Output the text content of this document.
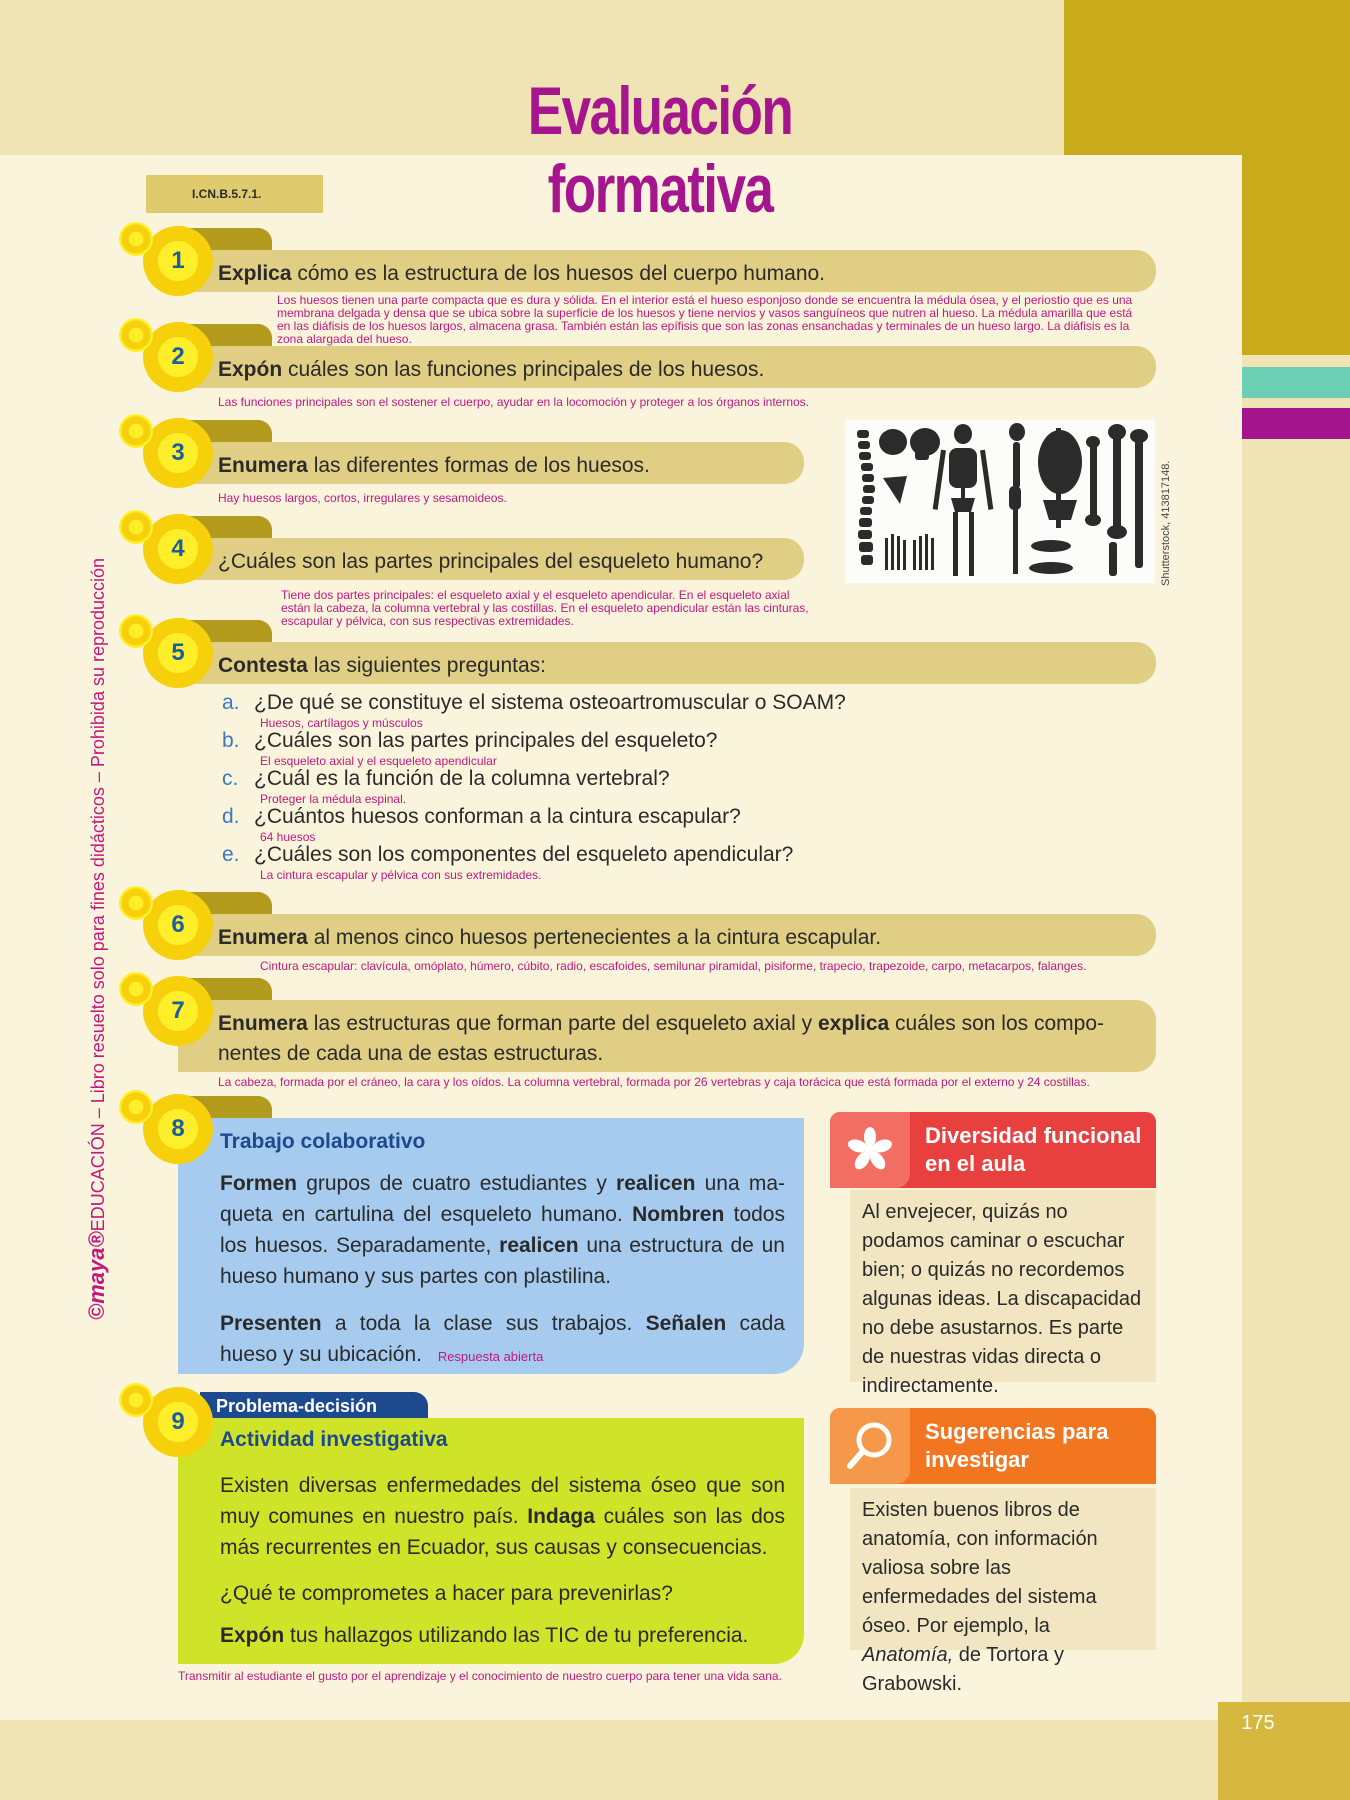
175
Evaluación formativa
I.CN.B.5.7.1.
©maya®EDUCACIÓN – Libro resuelto solo para fines didácticos – Prohibida su reproducción
1	Explica cómo es la estructura de los huesos del cuerpo humano.
Los huesos tienen una parte compacta que es dura y sólida. En el interior está el hueso esponjoso donde se encuentra la médula ósea, y el periostio que es una membrana delgada y densa que se ubica sobre la superficie de los huesos y tiene nervios y vasos sanguíneos que nutren al hueso. La médula amarilla que está en las diáfisis de los huesos largos, almacena grasa. También están las epífisis que son las zonas ensanchadas y terminales de un hueso largo. La diáfisis es la zona alargada del hueso.
2	Expón cuáles son las funciones principales de los huesos.
Las funciones principales son el sostener el cuerpo, ayudar en la locomoción y proteger a los órganos internos.
Shutterstock, 413817148.
3	Enumera las diferentes formas de los huesos.
Hay huesos largos, cortos, irregulares y sesamoideos.
4	¿Cuáles son las partes principales del esqueleto humano?
Tiene dos partes principales: el esqueleto axial y el esqueleto apendicular. En el esqueleto axial están la cabeza, la columna vertebral y las costillas. En el esqueleto apendicular están las cinturas, escapular y pélvica, con sus respectivas extremidades.
5	Contesta las siguientes preguntas:
a. ¿De qué se constituye el sistema osteoartromuscular o SOAM?
Huesos, cartílagos y músculos
b. ¿Cuáles son las partes principales del esqueleto?
El esqueleto axial y el esqueleto apendicular
c. ¿Cuál es la función de la columna vertebral?
Proteger la médula espinal.
d. ¿Cuántos huesos conforman a la cintura escapular?
64 huesos
e. ¿Cuáles son los componentes del esqueleto apendicular?
La cintura escapular y pélvica con sus extremidades.
6	Enumera al menos cinco huesos pertenecientes a la cintura escapular.
Cintura escapular: clavícula, omóplato, húmero, cúbito, radio, escafoides, semilunar piramidal, pisiforme, trapecio, trapezoide, carpo, metacarpos, falanges.
7	Enumera las estructuras que forman parte del esqueleto axial y explica cuáles son los compo-
nentes de cada una de estas estructuras.
La cabeza, formada por el cráneo, la cara y los oídos. La columna vertebral, formada por 26 vertebras y caja torácica que está formada por el externo y 24 costillas.
8	Trabajo colaborativo
Formen grupos de cuatro estudiantes y realicen una ma-queta en cartulina del esqueleto humano. Nombren todos los huesos. Separadamente, realicen una estructura de un hueso humano y sus partes con plastilina.
Presenten a toda la clase sus trabajos. Señalen cada hueso y su ubicación. Respuesta abierta
Problema-decisión
9
Actividad investigativa
Existen diversas enfermedades del sistema óseo que son muy comunes en nuestro país. Indaga cuáles son las dos más recurrentes en Ecuador, sus causas y consecuencias.
¿Qué te comprometes a hacer para prevenirlas?
Expón tus hallazgos utilizando las TIC de tu preferencia.
Transmitir al estudiante el gusto por el aprendizaje y el conocimiento de nuestro cuerpo para tener una vida sana.
Diversidad funcional en el aula
Al envejecer, quizás no podamos caminar o escuchar bien; o quizás no recordemos algunas ideas. La discapacidad no debe asustarnos. Es parte de nuestras vidas directa o indirectamente.
Sugerencias para investigar
Existen buenos libros de anatomía, con información valiosa sobre las enfermedades del sistema óseo. Por ejemplo, la Anatomía, de Tortora y Grabowski.
